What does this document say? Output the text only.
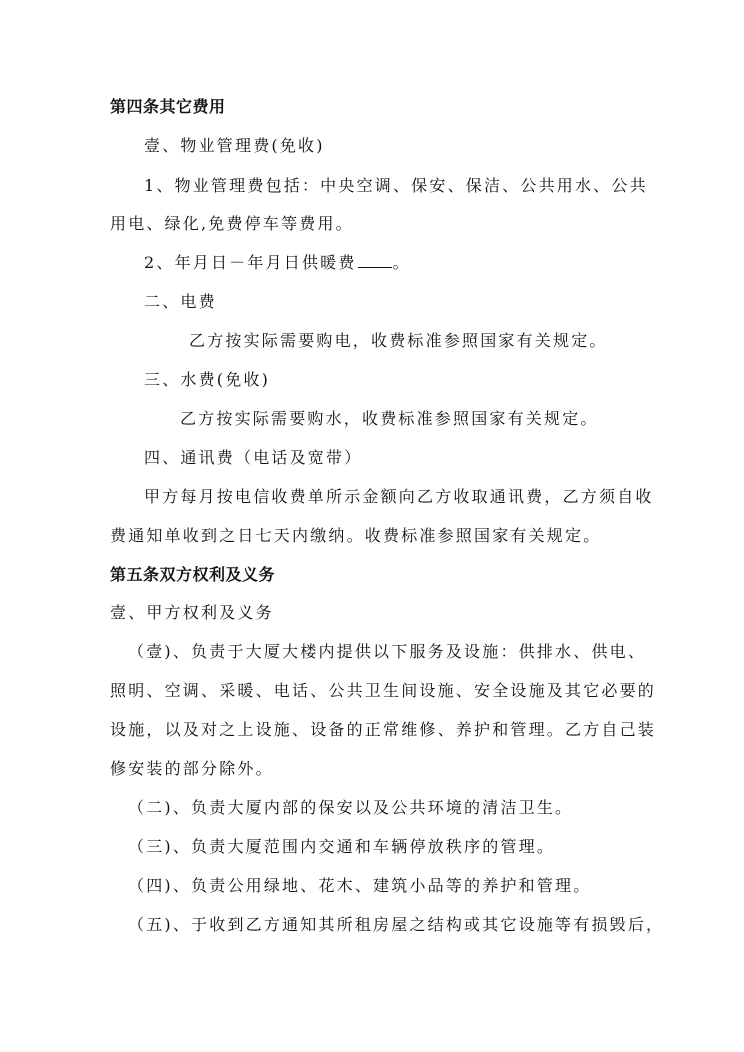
第四条其它费用
壹、物业管理费(免收)
1、物业管理费包括：中央空调、保安、保洁、公共用水、公共
用电、绿化,免费停车等费用。
2、年月日－年月日供暖费 。
二、电费
乙方按实际需要购电，收费标准参照国家有关规定。
三、水费(免收)
乙方按实际需要购水，收费标准参照国家有关规定。
四、通讯费（电话及宽带）
甲方每月按电信收费单所示金额向乙方收取通讯费，乙方须自收
费通知单收到之日七天内缴纳。收费标准参照国家有关规定。
第五条双方权利及义务
壹、甲方权利及义务
（壹)、负责于大厦大楼内提供以下服务及设施：供排水、供电、
照明、空调、采暖、电话、公共卫生间设施、安全设施及其它必要的
设施，以及对之上设施、设备的正常维修、养护和管理。乙方自己装
修安装的部分除外。
（二)、负责大厦内部的保安以及公共环境的清洁卫生。
（三)、负责大厦范围内交通和车辆停放秩序的管理。
（四)、负责公用绿地、花木、建筑小品等的养护和管理。
（五)、于收到乙方通知其所租房屋之结构或其它设施等有损毁后，
